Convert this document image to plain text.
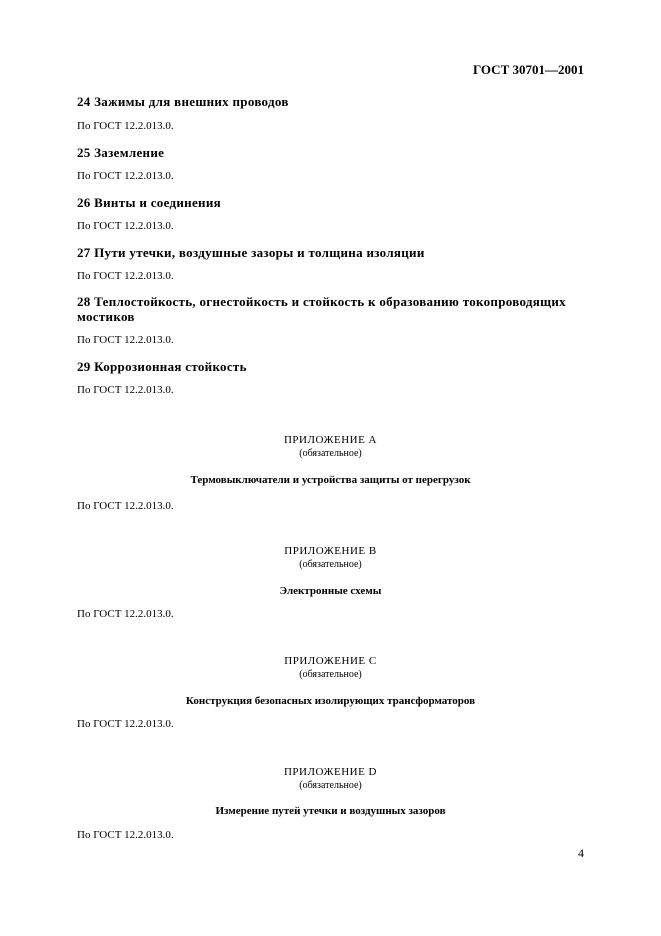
ГОСТ 30701—2001
24 Зажимы для внешних проводов
По ГОСТ 12.2.013.0.
25 Заземление
По ГОСТ 12.2.013.0.
26 Винты и соединения
По ГОСТ 12.2.013.0.
27 Пути утечки, воздушные зазоры и толщина изоляции
По ГОСТ 12.2.013.0.
28 Теплостойкость, огнестойкость и стойкость к образованию токопроводящих мостиков
По ГОСТ 12.2.013.0.
29 Коррозионная стойкость
По ГОСТ 12.2.013.0.
ПРИЛОЖЕНИЕ А
(обязательное)
Термовыключатели и устройства защиты от перегрузок
По ГОСТ 12.2.013.0.
ПРИЛОЖЕНИЕ В
(обязательное)
Электронные схемы
По ГОСТ 12.2.013.0.
ПРИЛОЖЕНИЕ С
(обязательное)
Конструкция безопасных изолирующих трансформаторов
По ГОСТ 12.2.013.0.
ПРИЛОЖЕНИЕ D
(обязательное)
Измерение путей утечки и воздушных зазоров
По ГОСТ 12.2.013.0.
4
